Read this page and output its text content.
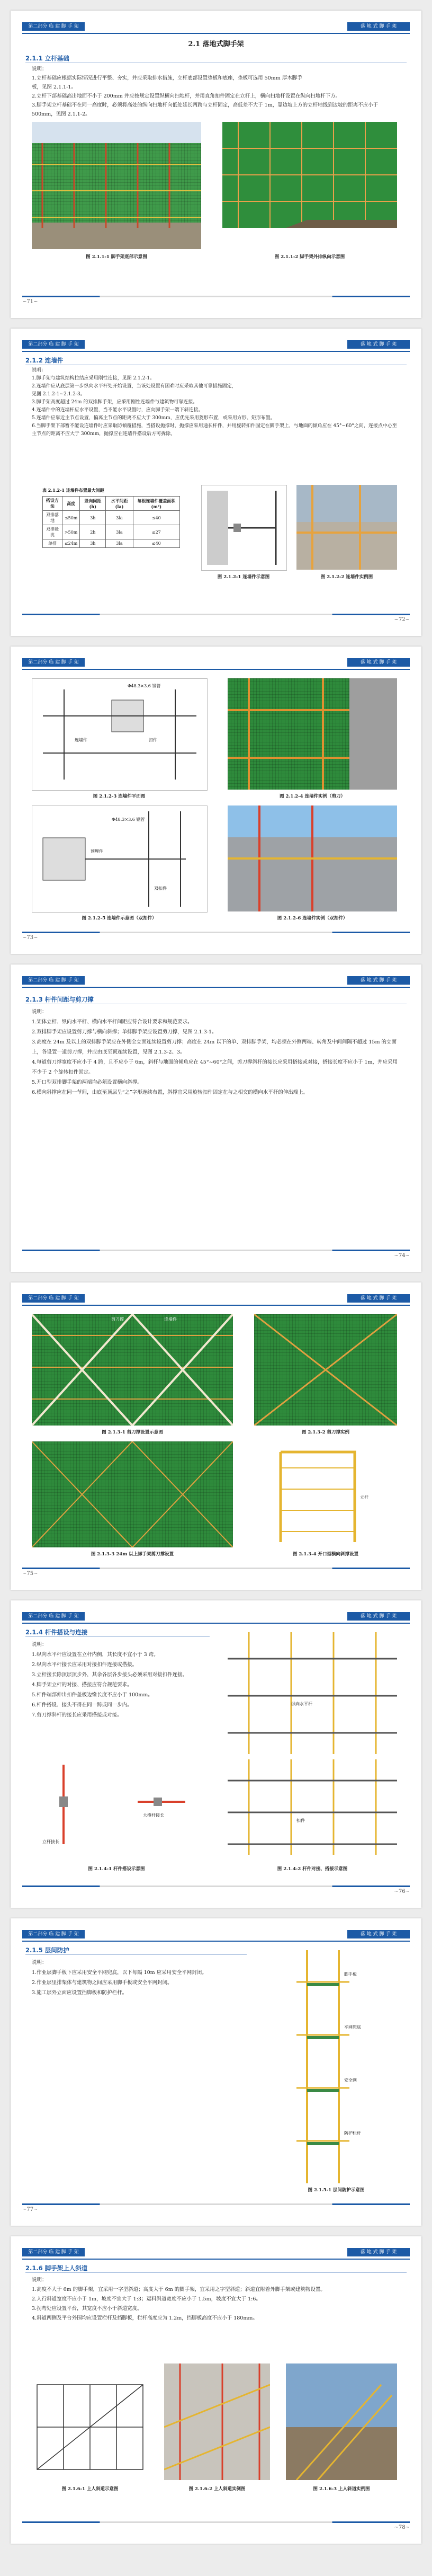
第二部分 临 建 脚 手 架	落 地 式 脚 手 架
2.1 落地式脚手架
2.1.1 立杆基础

说明：

1.立杆基础应根据实际情况进行平整、夯实，并应采取排水措施，立杆底部设置垫板和底座，垫板可选用 50mm 厚木脚手

板，见图 2.1.1-1。

2.立杆下部基础高出地面不小于 200mm 并应按规定设置纵横向扫地杆，并用直角扣件固定在立杆上，横向扫地杆设置在纵向扫地杆下方。

3.脚手架立杆基础不在同一高度时，必须将高处的纵向扫地杆向低处延长两跨与立杆固定，高低差不大于 1m，靠边坡上方的立杆轴线到边坡的距离不应小于 500mm，见图 2.1.1-2。

图 2.1.1-1 脚手架底部示意图	图 2.1.1-2 脚手架外排纵向示意图
~71~
第二部分 临 建 脚 手 架	落 地 式 脚 手 架
2.1.2 连墙件

说明：

1.脚手架与建筑结构拉结应采用刚性连接，见图 2.1.2-1。

2.连墙件应从底层第一步纵向水平杆处开始设置，当该处设置有困难时应采取其他可靠措施固定，

见图 2.1.2-1~2.1.2-3。

3.脚手架高度超过 24m 的双排脚手架，应采用刚性连墙件与建筑物可靠连接。

4.连墙件中的连墙杆应水平设置，当不能水平设置时，应向脚手架一端下斜连接。

5.连墙件应靠近主节点设置，偏离主节点的距离不应大于 300mm，应优先采用菱形布置，或采用方形、矩形布置。

6.当脚手架下部暂不能设连墙件时应采取防倾覆措施，当搭设抛撑时，抛撑应采用通长杆件，并用旋转扣件固定在脚手架上，与地面的倾角应在 45°~60°之间，连接点中心至主节点的距离不应大于 300mm，抛撑应在连墙件搭设后方可拆除。

表 2.1.2-1 连墙件布置最大间距
搭设方法	高度	竖向间距(h)	水平间距(la)	每根连墙件覆盖面积(m²)
双排落地	≤50m	3h	3la	≤40
双排悬挑	>50m	2h	3la	≤27
单排	≤24m	3h	3la	≤40
图 2.1.2-1 连墙件示意图	图 2.1.2-2 连墙件实例图
~72~
第二部分 临 建 脚 手 架	落 地 式 脚 手 架
Φ48.3×3.6 钢管
扣件
连墙件
图 2.1.2-3 连墙件平面图	图 2.1.2-4 连墙件实例（剪刀）
预埋件
双扣件
Φ48.3×3.6 钢管
图 2.1.2-5 连墙件示意图（双扣件）	图 2.1.2-6 连墙件实例（双扣件）
~73~
第二部分 临 建 脚 手 架	落 地 式 脚 手 架
2.1.3 杆件间距与剪刀撑

说明：

1.架体立杆、纵向水平杆、横向水平杆间距应符合设计要求和规范要求。

2.双排脚手架应设置剪刀撑与横向斜撑；单排脚手架应设置剪刀撑，见图 2.1.3-1。

3.高度在 24m 及以上的双排脚手架应在外侧全立面连续设置剪刀撑；高度在 24m 以下的单、双排脚手架，均必须在外侧两端、转角及中间间隔不超过 15m 的立面上，各设置一道剪刀撑，并应由底至顶连续设置，见图 2.1.3-2、3。

4.每道剪刀撑宽度不应小于 4 跨，且不应小于 6m，斜杆与地面的倾角应在 45°~60°之间，剪刀撑斜杆的接长应采用搭接或对接，搭接长度不应小于 1m，并应采用不少于 2 个旋转扣件固定。

5.开口型双排脚手架的两端均必须设置横向斜撑。

6.横向斜撑应在同一节间，由底至顶层呈“之”字形连续布置，斜撑宜采用旋转扣件固定在与之相交的横向水平杆的伸出端上。

~74~
第二部分 临 建 脚 手 架	落 地 式 脚 手 架
剪刀撑	连墙件
图 2.1.3-1 剪刀撑设置示意图	图 2.1.3-2 剪刀撑实例
立杆
图 2.1.3-3 24m 以上脚手架剪刀撑设置	图 2.1.3-4 开口型横向斜撑设置
~75~
第二部分 临 建 脚 手 架	落 地 式 脚 手 架
2.1.4 杆件搭设与连接

说明：

1.纵向水平杆应设置在立杆内侧，其长度不宜小于 3 跨。

2.纵向水平杆接长应采用对接扣件连接或搭接。

3.立杆接长除顶层顶步外，其余各层各步接头必须采用对接扣件连接。

4.脚手架立杆的对接、搭接应符合规范要求。

5.杆件端部伸出扣件盖板边缘长度不应小于 100mm。

6.杆件搭设、接头不得在同一跨或同一步内。

7.剪刀撑斜杆的接长应采用搭接或对接。

纵向水平杆
立杆接长
大横杆接长
扣件
图 2.1.4-1 杆件搭设示意图	图 2.1.4-2 杆件对接、搭接示意图
~76~
第二部分 临 建 脚 手 架	落 地 式 脚 手 架
2.1.5 层间防护

说明：

1.作业层脚手板下应采用安全平网兜底，以下每隔 10m 应采用安全平网封闭。

2.作业层里排架体与建筑物之间应采用脚手板或安全平网封闭。

3.施工层外立面应设置挡脚板和防护栏杆。

脚手板
平网兜底
安全网
防护栏杆
图 2.1.5-1 层间防护示意图
~77~
第二部分 临 建 脚 手 架	落 地 式 脚 手 架
2.1.6 脚手架上人斜道

说明：

1.高度不大于 6m 的脚手架，宜采用一字型斜道；高度大于 6m 的脚手架，宜采用之字型斜道；斜道宜附着外脚手架或建筑物设置。

2.人行斜道宽度不应小于 1m，坡度不宜大于 1:3；运料斜道宽度不应小于 1.5m，坡度不宜大于 1:6。

3.拐弯处应设置平台，其宽度不应小于斜道宽度。

4.斜道两侧及平台外围均应设置栏杆及挡脚板，栏杆高度应为 1.2m，挡脚板高度不应小于 180mm。

图 2.1.6-1 上人斜道示意图	图 2.1.6-2 上人斜道实例图	图 2.1.6-3 上人斜道实例图
~78~
